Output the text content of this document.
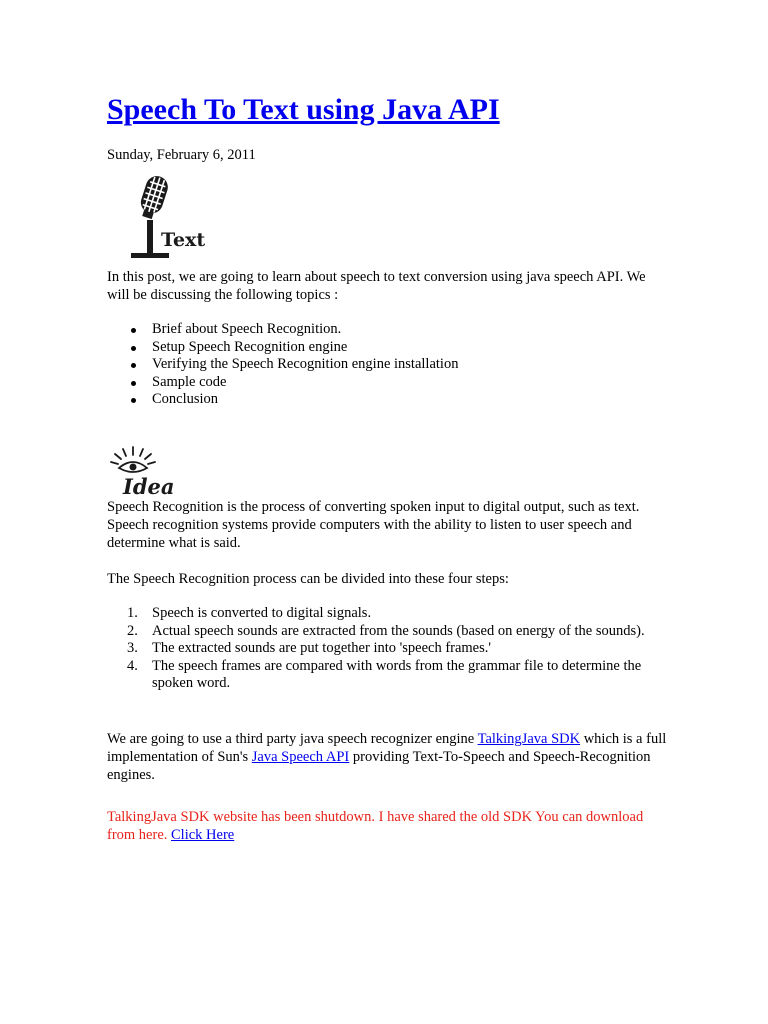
Speech To Text using Java API
Sunday, February 6, 2011
Text

In this post, we are going to learn about speech to text conversion using java speech API. We will be discussing the following topics :

Brief about Speech Recognition.
Setup Speech Recognition engine
Verifying the Speech Recognition engine installation
Sample code
Conclusion
Idea

Speech Recognition is the process of converting spoken input to digital output, such as text. Speech recognition systems provide computers with the ability to listen to user speech and determine what is said.

The Speech Recognition process can be divided into these four steps:

1. Speech is converted to digital signals.
2. Actual speech sounds are extracted from the sounds (based on energy of the sounds).
3. The extracted sounds are put together into 'speech frames.'
4. The speech frames are compared with words from the grammar file to determine the spoken word.

We are going to use a third party java speech recognizer engine TalkingJava SDK which is a full implementation of Sun's Java Speech API providing Text-To-Speech and Speech-Recognition engines.

TalkingJava SDK website has been shutdown. I have shared the old SDK You can download from here. Click Here
